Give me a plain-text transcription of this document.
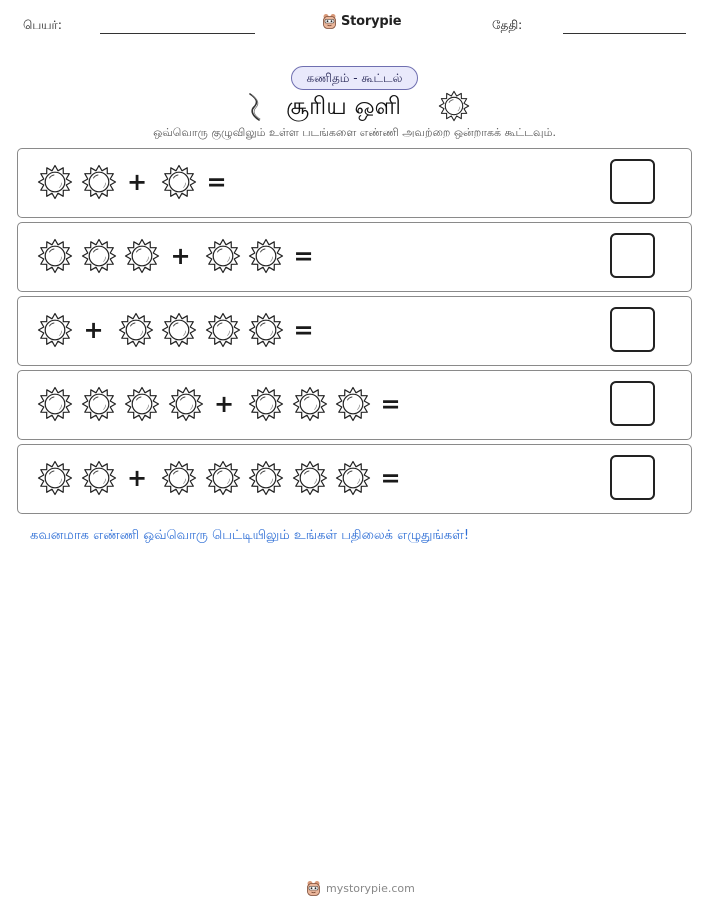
பெயர்:	Storypie	தேதி:
கணிதம் - கூட்டல்
சூரிய ஒளி
ஒவ்வொரு குழுவிலும் உள்ள படங்களை எண்ணி அவற்றை ஒன்றாகக் கூட்டவும்.
+ =
+	=
+	=
+	=
+	=
கவனமாக எண்ணி ஒவ்வொரு பெட்டியிலும் உங்கள் பதிலைக் எழுதுங்கள்!
mystorypie.com
